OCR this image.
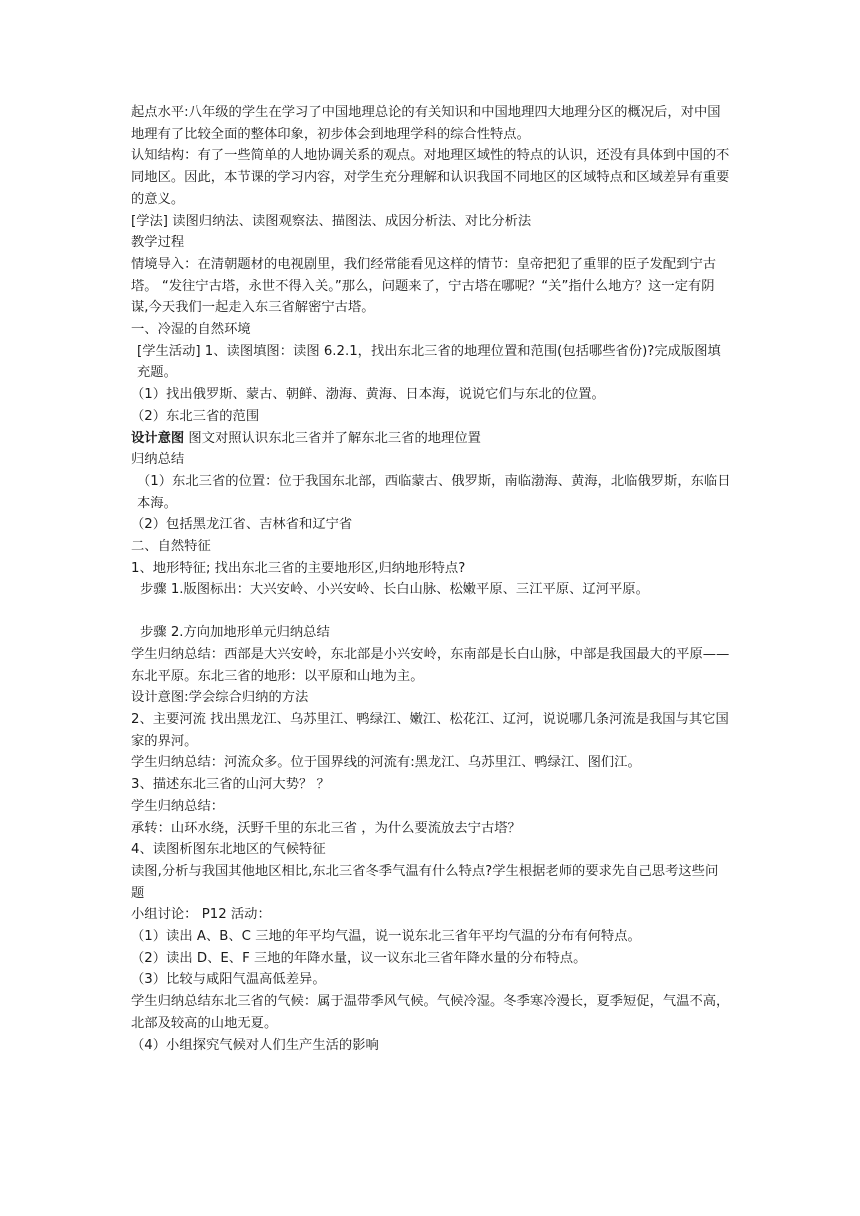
起点水平:八年级的学生在学习了中国地理总论的有关知识和中国地理四大地理分区的概况后，对中国地理有了比较全面的整体印象，初步体会到地理学科的综合性特点。

认知结构：有了一些简单的人地协调关系的观点。对地理区域性的特点的认识，还没有具体到中国的不同地区。因此，本节课的学习内容，对学生充分理解和认识我国不同地区的区域特点和区域差异有重要的意义。

[学法] 读图归纳法、读图观察法、描图法、成因分析法、对比分析法

教学过程

情境导入：在清朝题材的电视剧里，我们经常能看见这样的情节：皇帝把犯了重罪的臣子发配到宁古塔。 “发往宁古塔，永世不得入关。”那么，问题来了，宁古塔在哪呢？“关”指什么地方？这一定有阴谋,今天我们一起走入东三省解密宁古塔。

一、冷湿的自然环境

[学生活动] 1、读图填图：读图 6.2.1，找出东北三省的地理位置和范围(包括哪些省份)?完成版图填充题。

（1）找出俄罗斯、蒙古、朝鲜、渤海、黄海、日本海，说说它们与东北的位置。

（2）东北三省的范围

设计意图 图文对照认识东北三省并了解东北三省的地理位置

归纳总结

（1）东北三省的位置：位于我国东北部，西临蒙古、俄罗斯，南临渤海、黄海，北临俄罗斯，东临日本海。

（2）包括黑龙江省、吉林省和辽宁省

二、自然特征

1、地形特征; 找出东北三省的主要地形区,归纳地形特点?

步骤 1.版图标出：大兴安岭、小兴安岭、长白山脉、松嫩平原、三江平原、辽河平原。

步骤 2.方向加地形单元归纳总结

学生归纳总结：西部是大兴安岭，东北部是小兴安岭，东南部是长白山脉，中部是我国最大的平原——东北平原。东北三省的地形：以平原和山地为主。

设计意图:学会综合归纳的方法

2、主要河流 找出黑龙江、乌苏里江、鸭绿江、嫩江、松花江、辽河，说说哪几条河流是我国与其它国家的界河。

学生归纳总结：河流众多。位于国界线的河流有:黑龙江、乌苏里江、鸭绿江、图们江。

3、描述东北三省的山河大势？ ？

学生归纳总结：

承转：山环水绕，沃野千里的东北三省 ，为什么要流放去宁古塔？

4、读图析图东北地区的气候特征

读图,分析与我国其他地区相比,东北三省冬季气温有什么特点?学生根据老师的要求先自己思考这些问题

小组讨论： P12 活动：

（1）读出 A、B、C 三地的年平均气温，说一说东北三省年平均气温的分布有何特点。

（2）读出 D、E、F 三地的年降水量，议一议东北三省年降水量的分布特点。

（3）比较与咸阳气温高低差异。

学生归纳总结东北三省的气候：属于温带季风气候。气候冷湿。冬季寒冷漫长，夏季短促，气温不高，北部及较高的山地无夏。

（4）小组探究气候对人们生产生活的影响
